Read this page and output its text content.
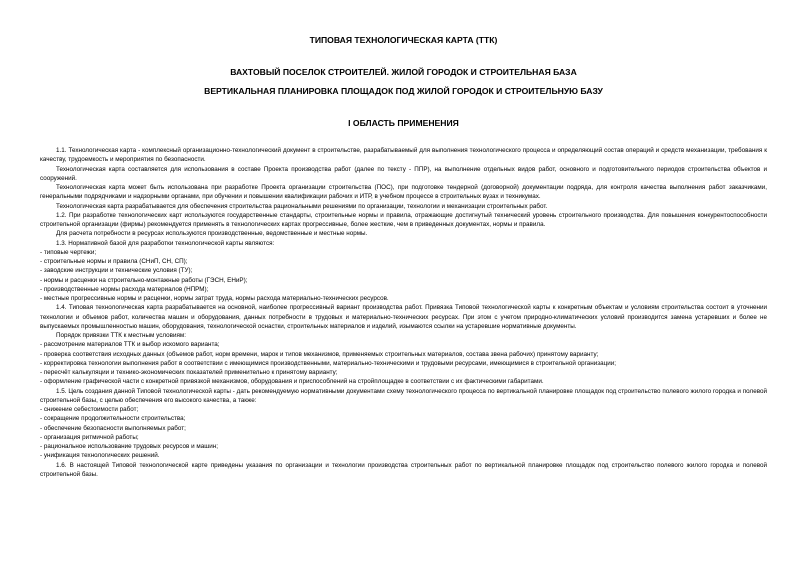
ТИПОВАЯ ТЕХНОЛОГИЧЕСКАЯ КАРТА (ТТК)
ВАХТОВЫЙ ПОСЕЛОК СТРОИТЕЛЕЙ. ЖИЛОЙ ГОРОДОК И СТРОИТЕЛЬНАЯ БАЗА
ВЕРТИКАЛЬНАЯ ПЛАНИРОВКА ПЛОЩАДОК ПОД ЖИЛОЙ ГОРОДОК И СТРОИТЕЛЬНУЮ БАЗУ
I ОБЛАСТЬ ПРИМЕНЕНИЯ

1.1. Технологическая карта - комплексный организационно-технологический документ в строительстве, разрабатываемый для выполнения технологического процесса и определяющий состав операций и средств механизации, требования к качеству, трудоемкость и мероприятия по безопасности.

Технологическая карта составляется для использования в составе Проекта производства работ (далее по тексту - ППР), на выполнение отдельных видов работ, основного и подготовительного периодов строительства объектов и сооружений.

Технологическая карта может быть использована при разработке Проекта организации строительства (ПОС), при подготовке тендерной (договорной) документации подряда, для контроля качества выполнения работ заказчиками, генеральными подрядчиками и надзорными органами, при обучении и повышении квалификации рабочих и ИТР, в учебном процессе в строительных вузах и техникумах.

Технологическая карта разрабатывается для обеспечения строительства рациональными решениями по организации, технологии и механизации строительных работ.

1.2. При разработке технологических карт используются государственные стандарты, строительные нормы и правила, отражающие достигнутый технический уровень строительного производства. Для повышения конкурентоспособности строительной организации (фирмы) рекомендуется применять в технологических картах прогрессивные, более жесткие, чем в приведенных документах, нормы и правила.

Для расчета потребности в ресурсах используются производственные, ведомственные и местные нормы.

1.3. Нормативной базой для разработки технологической карты являются:

- типовые чертежи;

- строительные нормы и правила (СНиП, СН, СП);

- заводские инструкции и технические условия (ТУ);

- нормы и расценки на строительно-монтажные работы (ГЭСН, ЕНиР);

- производственные нормы расхода материалов (НПРМ);

- местные прогрессивные нормы и расценки, нормы затрат труда, нормы расхода материально-технических ресурсов.

1.4. Типовая технологическая карта разрабатывается на основной, наиболее прогрессивный вариант производства работ. Привязка Типовой технологической карты к конкретным объектам и условиям строительства состоит в уточнении технологии и объемов работ, количества машин и оборудования, данных потребности в трудовых и материально-технических ресурсах. При этом с учетом природно-климатических условий производится замена устаревших и более не выпускаемых промышленностью машин, оборудования, технологической оснастки, строительных материалов и изделий, изымаются ссылки на устаревшие нормативные документы.

Порядок привязки ТТК к местным условиям:

- рассмотрение материалов ТТК и выбор искомого варианта;

- проверка соответствия исходных данных (объемов работ, норм времени, марок и типов механизмов, применяемых строительных материалов, состава звена рабочих) принятому варианту;

- корректировка технологии выполнения работ в соответствии с имеющимися производственными, материально-техническими и трудовыми ресурсами, имеющимися в строительной организации;

- пересчёт калькуляции и технико-экономических показателей применительно к принятому варианту;

- оформление графической части с конкретной привязкой механизмов, оборудования и приспособлений на стройплощадке в соответствии с их фактическими габаритами.

1.5. Цель создания данной Типовой технологической карты - дать рекомендуемую нормативными документами схему технологического процесса по вертикальной планировке площадок под строительство полевого жилого городка и полевой строительной базы, с целью обеспечения его высокого качества, а также:

- снижение себестоимости работ;

- сокращение продолжительности строительства;

- обеспечение безопасности выполняемых работ;

- организация ритмичной работы;

- рациональное использование трудовых ресурсов и машин;

- унификация технологических решений.

1.6. В настоящей Типовой технологической карте приведены указания по организации и технологии производства строительных работ по вертикальной планировке площадок под строительство полевого жилого городка и полевой строительной базы.
